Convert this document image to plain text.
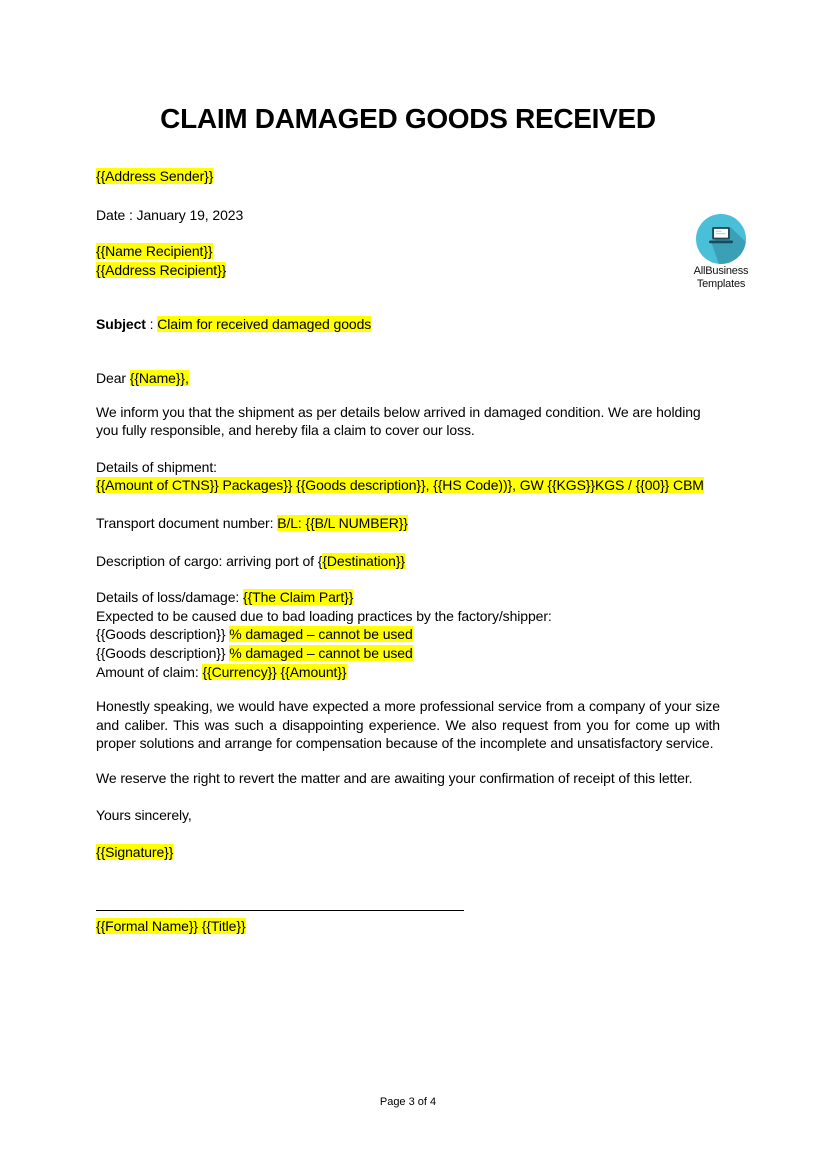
CLAIM DAMAGED GOODS RECEIVED
AllBusiness
Templates

{{Address Sender}}

Date : January 19, 2023

{{Name Recipient}}

{{Address Recipient}}

Subject : Claim for received damaged goods

Dear {{Name}},

We inform you that the shipment as per details below arrived in damaged condition. We are holding you fully responsible, and hereby fila a claim to cover our loss.

Details of shipment:

{{Amount of CTNS}} Packages}} {{Goods description}}, {{HS Code))}, GW {{KGS}}KGS / {{00}} CBM

Transport document number: B/L: {{B/L NUMBER}}

Description of cargo: arriving port of {{Destination}}

Details of loss/damage: {{The Claim Part}}

Expected to be caused due to bad loading practices by the factory/shipper:

{{Goods description}} % damaged – cannot be used

{{Goods description}} % damaged – cannot be used

Amount of claim: {{Currency}} {{Amount}}

Honestly speaking, we would have expected a more professional service from a company of your size and caliber. This was such a disappointing experience. We also request from you for come up with proper solutions and arrange for compensation because of the incomplete and unsatisfactory service.

We reserve the right to revert the matter and are awaiting your confirmation of receipt of this letter.

Yours sincerely,

{{Signature}}

{{Formal Name}} {{Title}}

Page 3 of 4
